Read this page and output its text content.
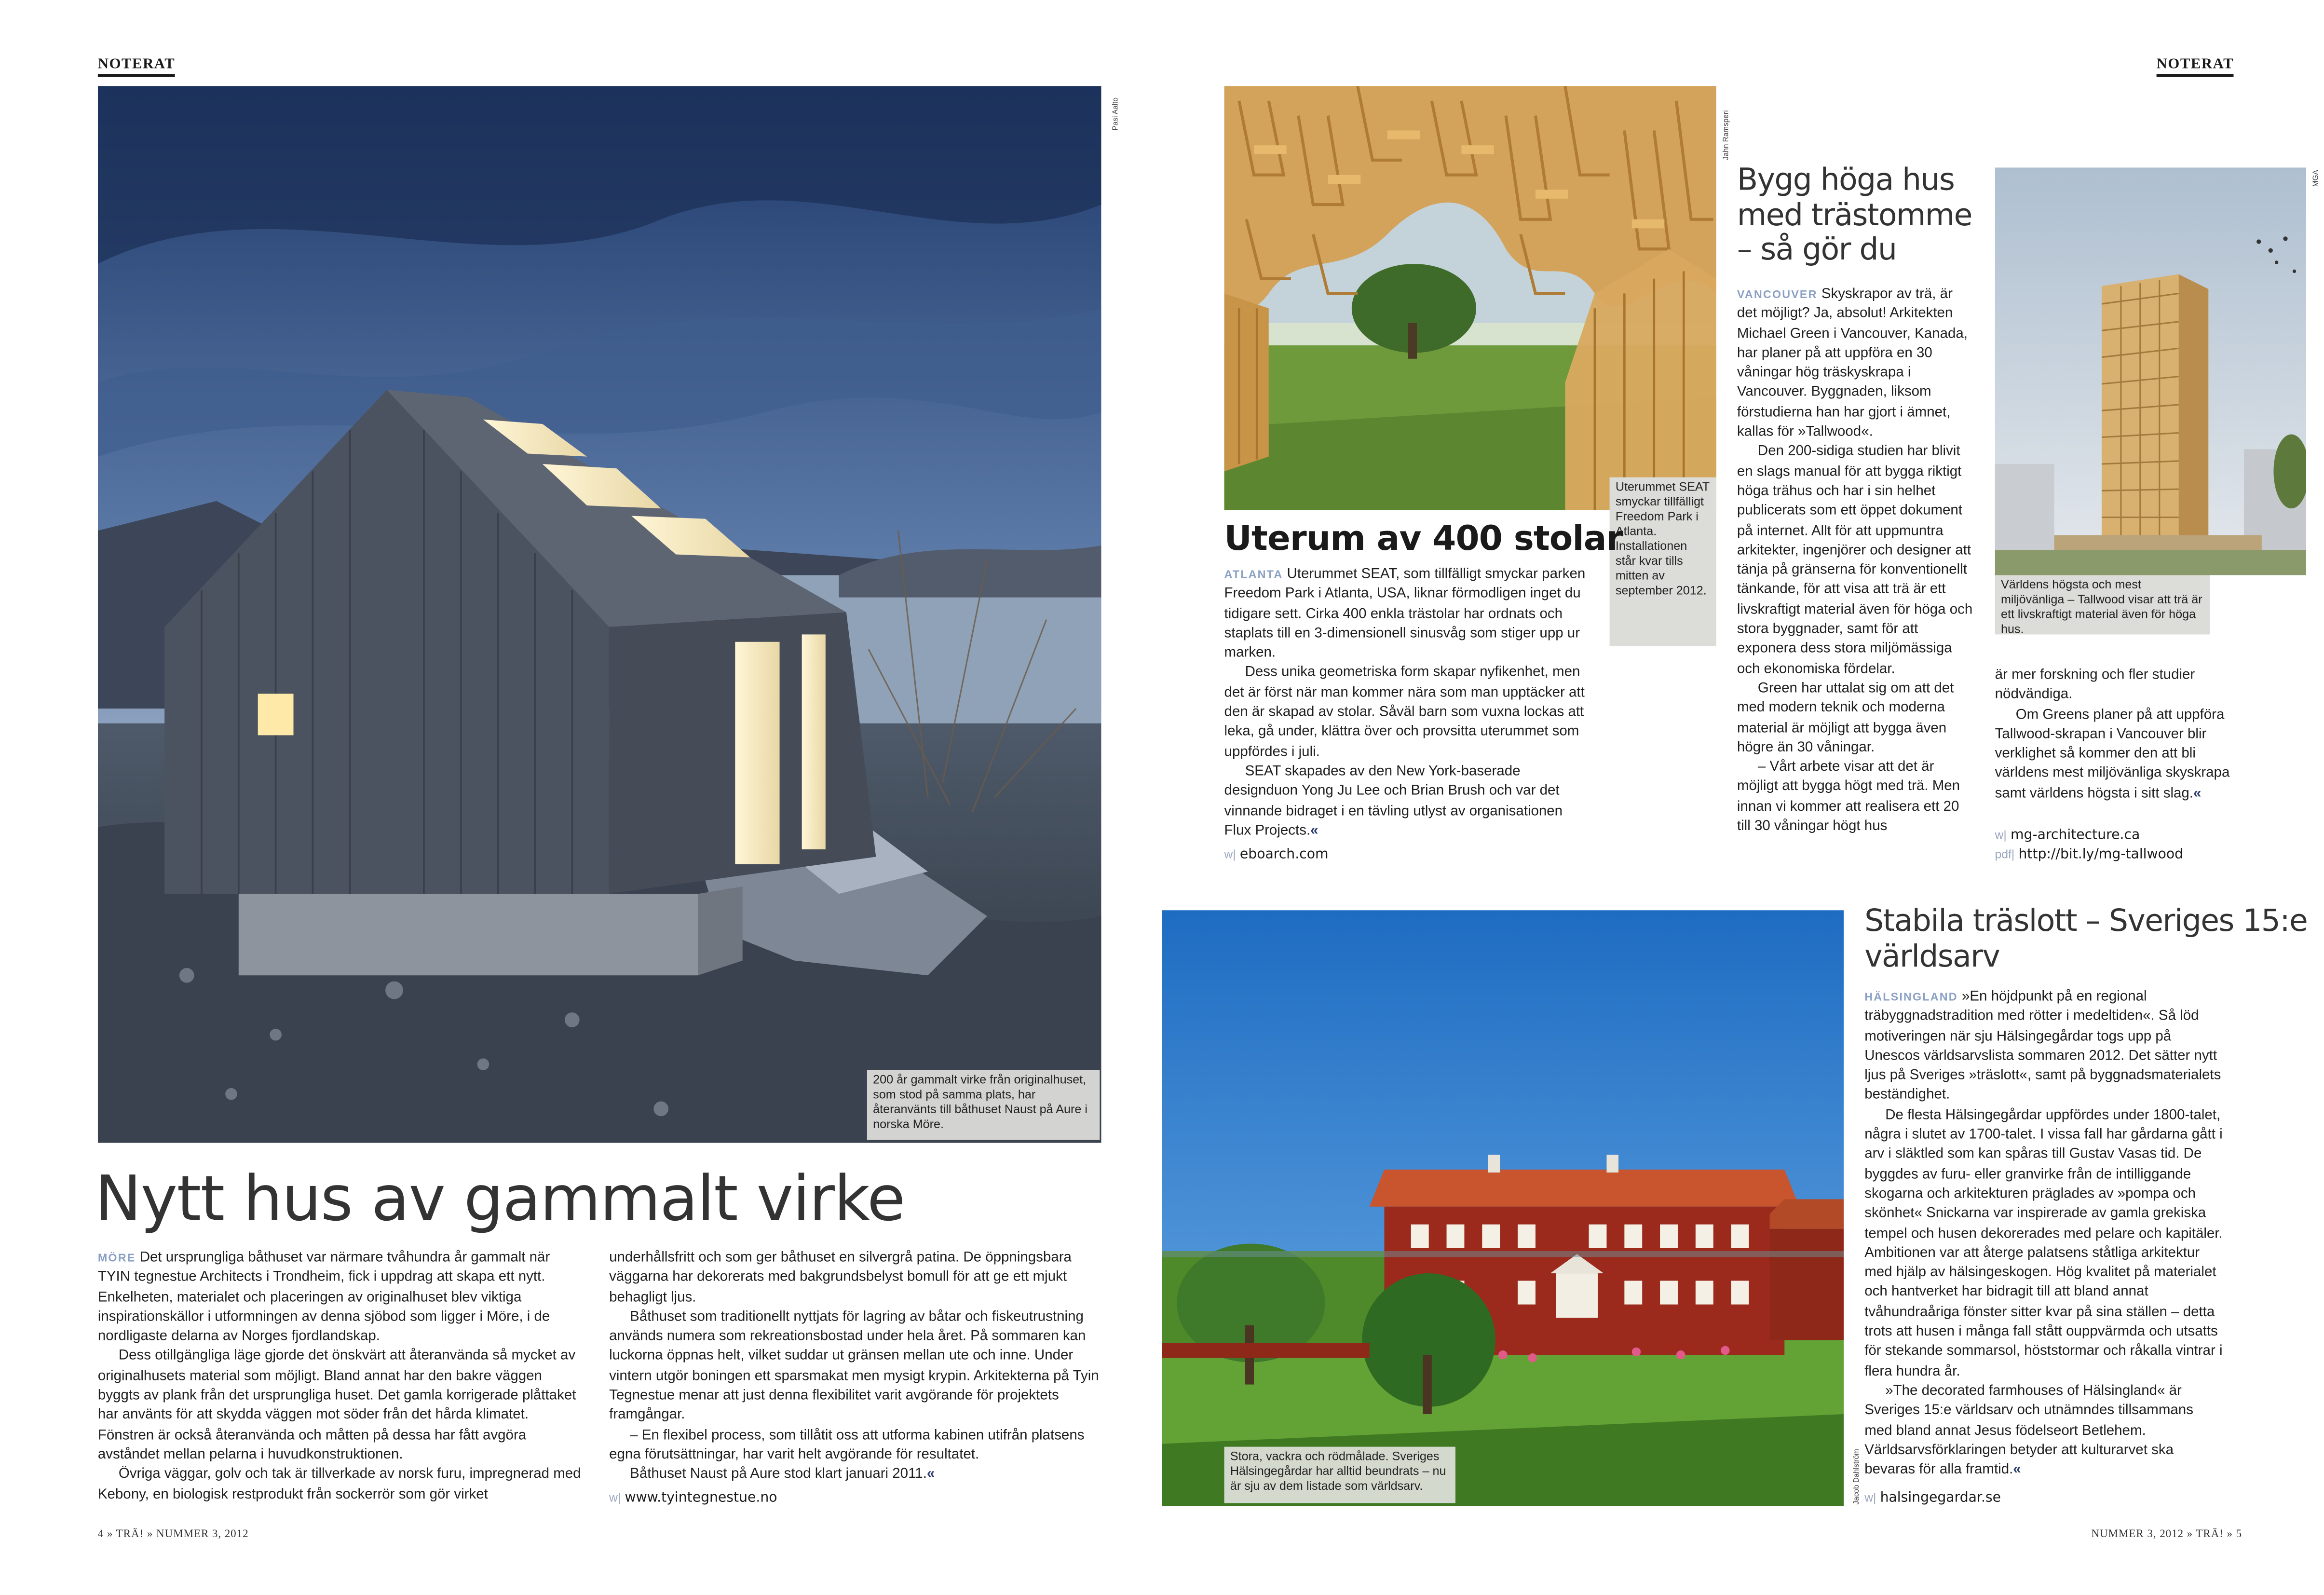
NOTERAT
Pasi Aalto
200 år gammalt virke från originalhuset, som stod på samma plats, har återanvänts till båthuset Naust på Aure i norska Möre.
Nytt hus av gammalt virke

MÖRE Det ursprungliga båthuset var närmare tvåhundra år gammalt när TYIN tegnestue Architects i Trondheim, fick i uppdrag att skapa ett nytt. Enkelheten, materialet och placeringen av originalhuset blev viktiga inspirationskällor i utformningen av denna sjöbod som ligger i Möre, i de nordligaste delarna av Norges fjordlandskap.

Dess otillgängliga läge gjorde det önskvärt att återanvända så mycket av originalhusets material som möjligt. Bland annat har den bakre väggen byggts av plank från det ursprungliga huset. Det gamla korrigerade plåttaket har använts för att skydda väggen mot söder från det hårda klimatet. Fönstren är också återanvända och måtten på dessa har fått avgöra avståndet mellan pelarna i huvudkonstruktionen.

Övriga väggar, golv och tak är tillverkade av norsk furu, impregnerad med Kebony, en biologisk restprodukt från sockerrör som gör virket

underhållsfritt och som ger båthuset en silvergrå patina. De öppningsbara väggarna har dekorerats med bakgrundsbelyst bomull för att ge ett mjukt behagligt ljus.

Båthuset som traditionellt nyttjats för lagring av båtar och fiskeutrustning används numera som rekreationsbostad under hela året. På sommaren kan luckorna öppnas helt, vilket suddar ut gränsen mellan ute och inne. Under vintern utgör boningen ett sparsmakat men mysigt krypin. Arkitekterna på Tyin Tegnestue menar att just denna flexibilitet varit avgörande för projektets framgångar.

– En flexibel process, som tillåtit oss att utforma kabinen utifrån platsens egna förutsättningar, har varit helt avgörande för resultatet.

Båthuset Naust på Aure stod klart januari 2011.«

w| www.tyintegnestue.no
4 » TRÄ! » NUMMER 3, 2012
NOTERAT
Jahn Ramsperi
Uterummet SEAT smyckar tillfälligt Freedom Park i Atlanta. Installationen står kvar tills mitten av september 2012.
Uterum av 400 stolar

ATLANTA Uterummet SEAT, som tillfälligt smyckar parken Freedom Park i Atlanta, USA, liknar förmodligen inget du tidigare sett. Cirka 400 enkla trästolar har ordnats och staplats till en 3-dimensionell sinusvåg som stiger upp ur marken.

Dess unika geometriska form skapar nyfikenhet, men det är först när man kommer nära som man upptäcker att den är skapad av stolar. Såväl barn som vuxna lockas att leka, gå under, klättra över och provsitta uterummet som uppfördes i juli.

SEAT skapades av den New York-baserade designduon Yong Ju Lee och Brian Brush och var det vinnande bidraget i en tävling utlyst av organisationen Flux Projects.«

w| eboarch.com
Bygg höga hus med trästomme – så gör du

VANCOUVER Skyskrapor av trä, är det möjligt? Ja, absolut! Arkitekten Michael Green i Vancouver, Kanada, har planer på att uppföra en 30 våningar hög träskyskrapa i Vancouver. Byggnaden, liksom förstudierna han har gjort i ämnet, kallas för »Tallwood«.

Den 200-sidiga studien har blivit en slags manual för att bygga riktigt höga trähus och har i sin helhet publicerats som ett öppet dokument på internet. Allt för att uppmuntra arkitekter, ingenjörer och designer att tänja på gränserna för konventionellt tänkande, för att visa att trä är ett livskraftigt material även för höga och stora byggnader, samt för att exponera dess stora miljömässiga och ekonomiska fördelar.

Green har uttalat sig om att det med modern teknik och moderna material är möjligt att bygga även högre än 30 våningar.

– Vårt arbete visar att det är möjligt att bygga högt med trä. Men innan vi kommer att realisera ett 20 till 30 våningar högt hus

MGA
Världens högsta och mest miljövänliga – Tallwood visar att trä är ett livskraftigt material även för höga hus.

är mer forskning och fler studier nödvändiga.

Om Greens planer på att uppföra Tallwood-skrapan i Vancouver blir verklighet så kommer den att bli världens mest miljövänliga skyskrapa samt världens högsta i sitt slag.«

w| mg-architecture.ca
pdf| http://bit.ly/mg-tallwood
Jacob Dahlström
Stora, vackra och rödmålade. Sveriges Hälsingegårdar har alltid beundrats – nu är sju av dem listade som världsarv.
Stabila träslott – Sveriges 15:e världsarv

HÄLSINGLAND »En höjdpunkt på en regional träbyggnadstradition med rötter i medeltiden«. Så löd motiveringen när sju Hälsingegårdar togs upp på Unescos världsarvslista sommaren 2012. Det sätter nytt ljus på Sveriges »träslott«, samt på byggnadsmaterialets beständighet.

De flesta Hälsingegårdar uppfördes under 1800-talet, några i slutet av 1700-talet. I vissa fall har gårdarna gått i arv i släktled som kan spåras till Gustav Vasas tid. De byggdes av furu- eller granvirke från de intilliggande skogarna och arkitekturen präglades av »pompa och skönhet« Snickarna var inspirerade av gamla grekiska tempel och husen dekorerades med pelare och kapitäler. Ambitionen var att återge palatsens ståtliga arkitektur med hjälp av hälsingeskogen. Hög kvalitet på materialet och hantverket har bidragit till att bland annat tvåhundraåriga fönster sitter kvar på sina ställen – detta trots att husen i många fall stått ouppvärmda och utsatts för stekande sommarsol, höststormar och råkalla vintrar i flera hundra år.

»The decorated farmhouses of Hälsingland« är Sveriges 15:e världsarv och utnämndes tillsammans med bland annat Jesus födelseort Betlehem. Världsarvsförklaringen betyder att kulturarvet ska bevaras för alla framtid.«

w| halsingegardar.se
NUMMER 3, 2012 » TRÄ! » 5
